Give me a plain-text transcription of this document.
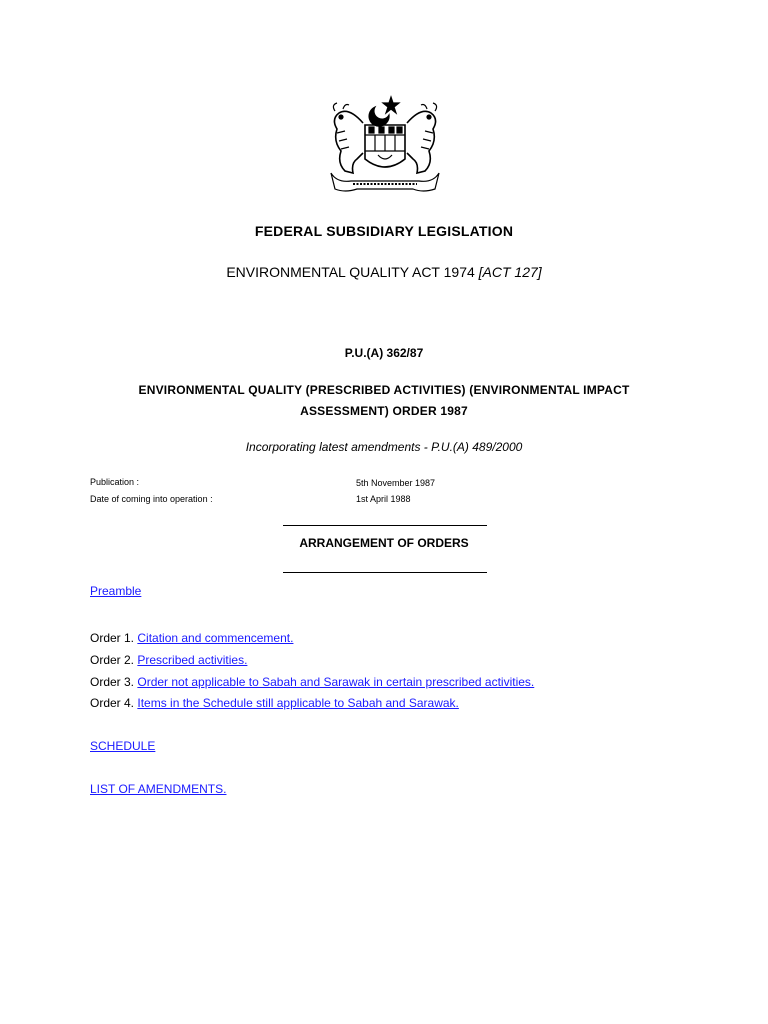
FEDERAL SUBSIDIARY LEGISLATION
ENVIRONMENTAL QUALITY ACT 1974 [ACT 127]
P.U.(A) 362/87
ENVIRONMENTAL QUALITY (PRESCRIBED ACTIVITIES) (ENVIRONMENTAL IMPACT ASSESSMENT) ORDER 1987
Incorporating latest amendments - P.U.(A) 489/2000
Publication :	5th November 1987
Date of coming into operation :	1st April 1988
ARRANGEMENT OF ORDERS
Preamble
Order 1. Citation and commencement.
Order 2. Prescribed activities.
Order 3. Order not applicable to Sabah and Sarawak in certain prescribed activities.
Order 4. Items in the Schedule still applicable to Sabah and Sarawak.
SCHEDULE
LIST OF AMENDMENTS.
